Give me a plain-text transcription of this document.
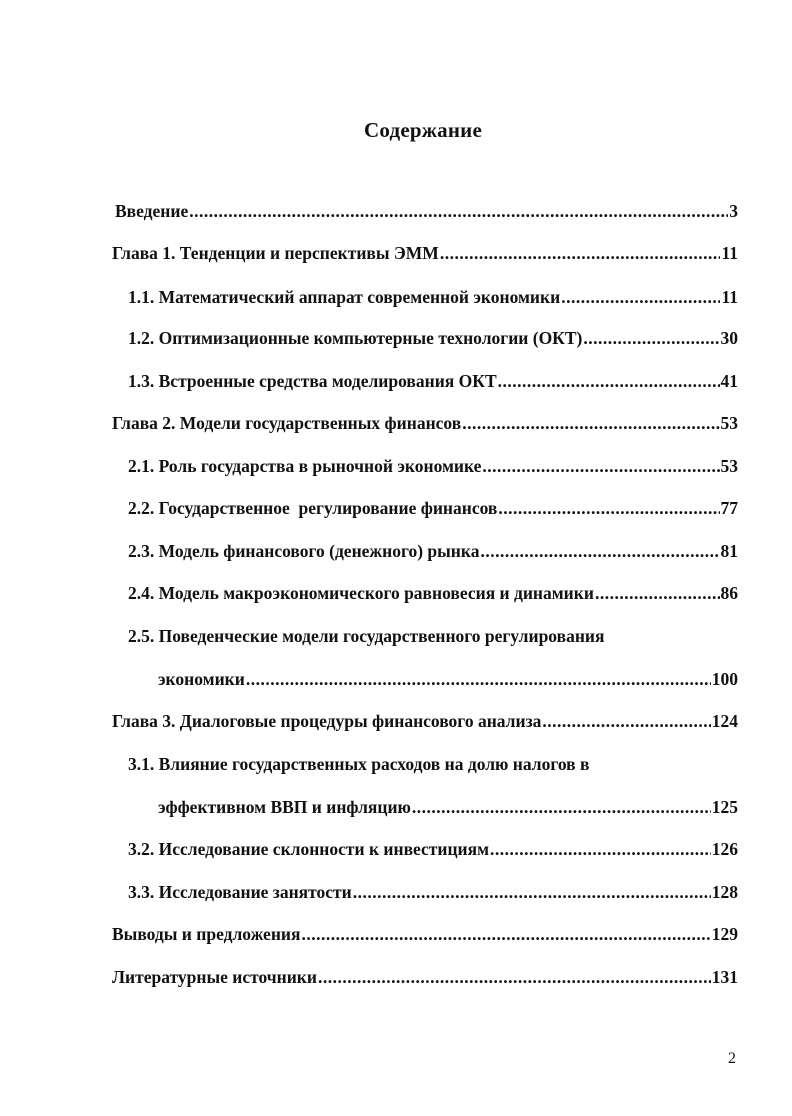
Содержание
Введение .....	3
Глава 1. Тенденции и перспективы ЭММ .....	11
1.1. Математический аппарат современной экономики .....	11
1.2. Оптимизационные компьютерные технологии (ОКТ) .....	30
1.3. Встроенные средства моделирования ОКТ .....	41
Глава 2. Модели государственных финансов .....	53
2.1. Роль государства в рыночной экономике .....	53
2.2. Государственное  регулирование финансов .....	77
2.3. Модель финансового (денежного) рынка .....	81
2.4. Модель макроэкономического равновесия и динамики .....	86
2.5. Поведенческие модели государственного регулирования
экономики .....	100
Глава 3. Диалоговые процедуры финансового анализа .....	124
3.1. Влияние государственных расходов на долю налогов в
эффективном ВВП и инфляцию .....	125
3.2. Исследование склонности к инвестициям .....	126
3.3. Исследование занятости .....	128
Выводы и предложения .....	129
Литературные источники .....	131
2
